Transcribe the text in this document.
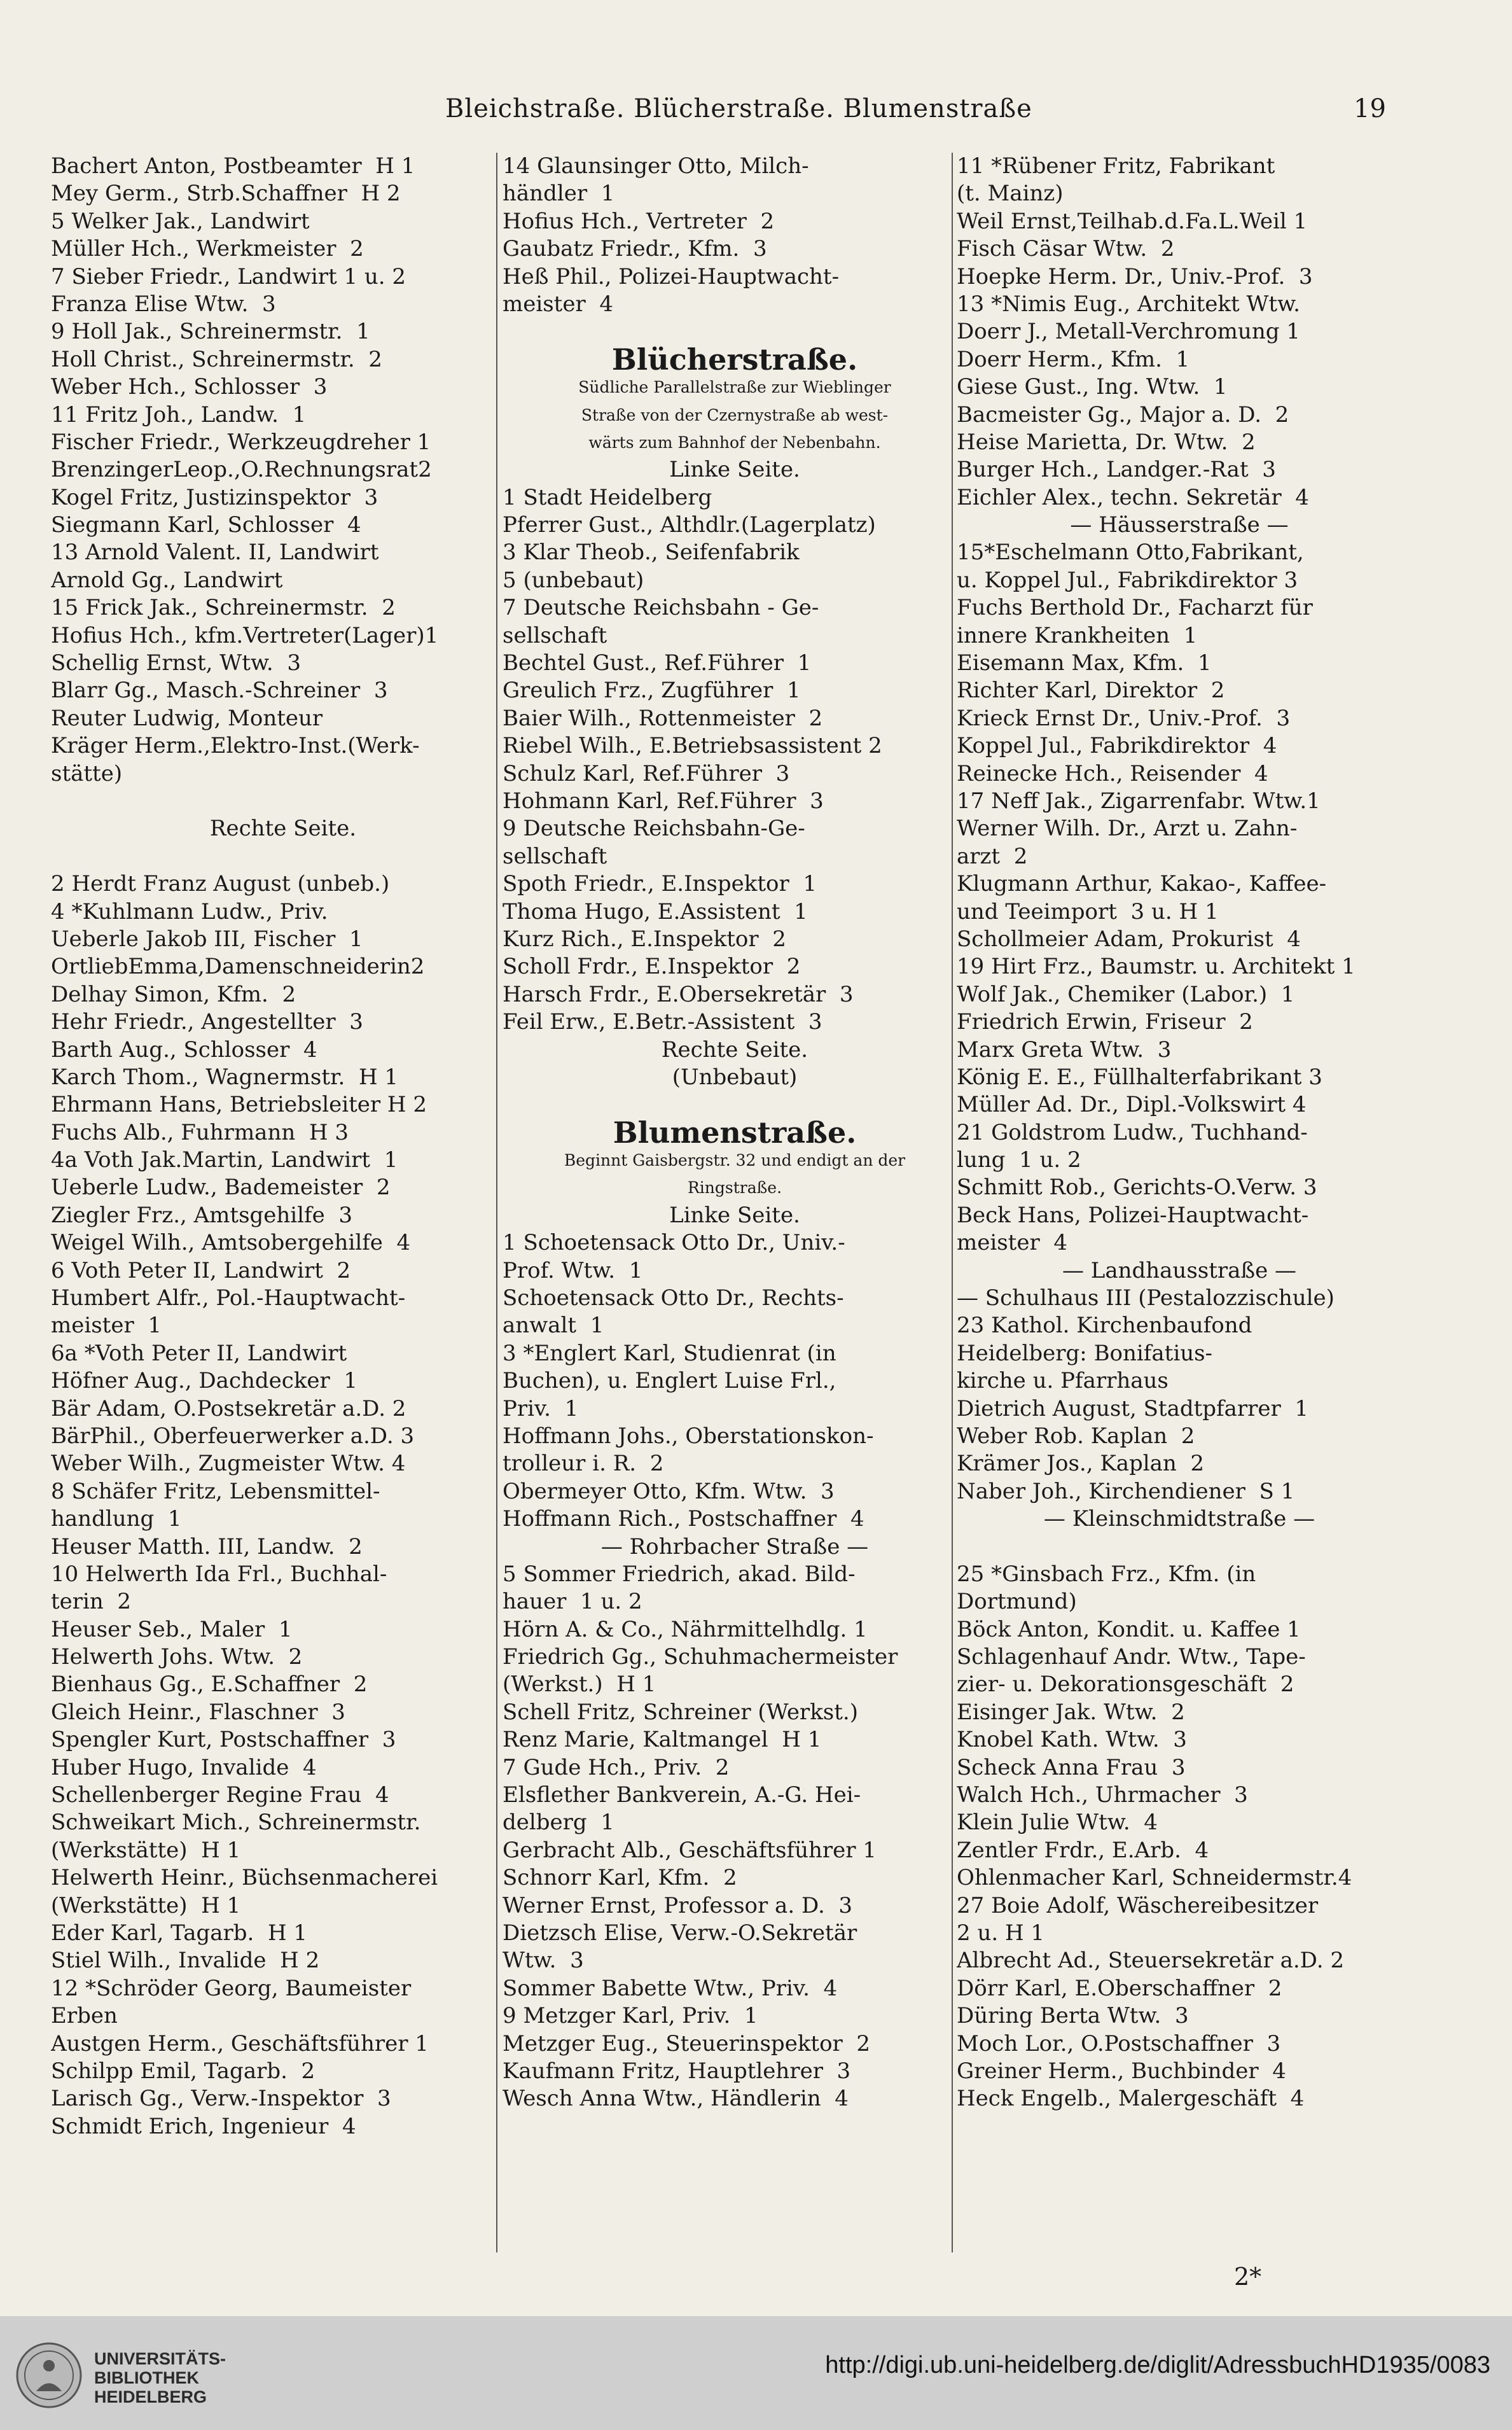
Bleichstraße. Blücherstraße. Blumenstraße	19
Bachert Anton, Postbeamter  H 1
Mey Germ., Strb.Schaffner  H 2
5 Welker Jak., Landwirt
Müller Hch., Werkmeister  2
7 Sieber Friedr., Landwirt 1 u. 2
Franza Elise Wtw.  3
9 Holl Jak., Schreinermstr.  1
Holl Christ., Schreinermstr.  2
Weber Hch., Schlosser  3
11 Fritz Joh., Landw.  1
Fischer Friedr., Werkzeugdreher 1
BrenzingerLeop.,O.Rechnungsrat2
Kogel Fritz, Justizinspektor  3
Siegmann Karl, Schlosser  4
13 Arnold Valent. II, Landwirt
Arnold Gg., Landwirt
15 Frick Jak., Schreinermstr.  2
Hofius Hch., kfm.Vertreter(Lager)1
Schellig Ernst, Wtw.  3
Blarr Gg., Masch.-Schreiner  3
Reuter Ludwig, Monteur
Kräger Herm.,Elektro-Inst.(Werk-
stätte)
Rechte Seite.
2 Herdt Franz August (unbeb.)
4 *Kuhlmann Ludw., Priv.
Ueberle Jakob III, Fischer  1
OrtliebEmma,Damenschneiderin2
Delhay Simon, Kfm.  2
Hehr Friedr., Angestellter  3
Barth Aug., Schlosser  4
Karch Thom., Wagnermstr.  H 1
Ehrmann Hans, Betriebsleiter H 2
Fuchs Alb., Fuhrmann  H 3
4a Voth Jak.Martin, Landwirt  1
Ueberle Ludw., Bademeister  2
Ziegler Frz., Amtsgehilfe  3
Weigel Wilh., Amtsobergehilfe  4
6 Voth Peter II, Landwirt  2
Humbert Alfr., Pol.-Hauptwacht-
meister  1
6a *Voth Peter II, Landwirt
Höfner Aug., Dachdecker  1
Bär Adam, O.Postsekretär a.D. 2
BärPhil., Oberfeuerwerker a.D. 3
Weber Wilh., Zugmeister Wtw. 4
8 Schäfer Fritz, Lebensmittel-
handlung  1
Heuser Matth. III, Landw.  2
10 Helwerth Ida Frl., Buchhal-
terin  2
Heuser Seb., Maler  1
Helwerth Johs. Wtw.  2
Bienhaus Gg., E.Schaffner  2
Gleich Heinr., Flaschner  3
Spengler Kurt, Postschaffner  3
Huber Hugo, Invalide  4
Schellenberger Regine Frau  4
Schweikart Mich., Schreinermstr.
(Werkstätte)  H 1
Helwerth Heinr., Büchsenmacherei
(Werkstätte)  H 1
Eder Karl, Tagarb.  H 1
Stiel Wilh., Invalide  H 2
12 *Schröder Georg, Baumeister
Erben
Austgen Herm., Geschäftsführer 1
Schilpp Emil, Tagarb.  2
Larisch Gg., Verw.-Inspektor  3
Schmidt Erich, Ingenieur  4
14 Glaunsinger Otto, Milch-
händler  1
Hofius Hch., Vertreter  2
Gaubatz Friedr., Kfm.  3
Heß Phil., Polizei-Hauptwacht-
meister  4
Blücherstraße.
Südliche Parallelstraße zur Wieblinger
Straße von der Czernystraße ab west-
wärts zum Bahnhof der Nebenbahn.
Linke Seite.
1 Stadt Heidelberg
Pferrer Gust., Althdlr.(Lagerplatz)
3 Klar Theob., Seifenfabrik
5 (unbebaut)
7 Deutsche Reichsbahn - Ge-
sellschaft
Bechtel Gust., Ref.Führer  1
Greulich Frz., Zugführer  1
Baier Wilh., Rottenmeister  2
Riebel Wilh., E.Betriebsassistent 2
Schulz Karl, Ref.Führer  3
Hohmann Karl, Ref.Führer  3
9 Deutsche Reichsbahn-Ge-
sellschaft
Spoth Friedr., E.Inspektor  1
Thoma Hugo, E.Assistent  1
Kurz Rich., E.Inspektor  2
Scholl Frdr., E.Inspektor  2
Harsch Frdr., E.Obersekretär  3
Feil Erw., E.Betr.-Assistent  3
Rechte Seite.
(Unbebaut)
Blumenstraße.
Beginnt Gaisbergstr. 32 und endigt an der
Ringstraße.
Linke Seite.
1 Schoetensack Otto Dr., Univ.-
Prof. Wtw.  1
Schoetensack Otto Dr., Rechts-
anwalt  1
3 *Englert Karl, Studienrat (in
Buchen), u. Englert Luise Frl.,
Priv.  1
Hoffmann Johs., Oberstationskon-
trolleur i. R.  2
Obermeyer Otto, Kfm. Wtw.  3
Hoffmann Rich., Postschaffner  4
— Rohrbacher Straße —
5 Sommer Friedrich, akad. Bild-
hauer  1 u. 2
Hörn A. & Co., Nährmittelhdlg. 1
Friedrich Gg., Schuhmachermeister
(Werkst.)  H 1
Schell Fritz, Schreiner (Werkst.)
Renz Marie, Kaltmangel  H 1
7 Gude Hch., Priv.  2
Elsflether Bankverein, A.-G. Hei-
delberg  1
Gerbracht Alb., Geschäftsführer 1
Schnorr Karl, Kfm.  2
Werner Ernst, Professor a. D.  3
Dietzsch Elise, Verw.-O.Sekretär
Wtw.  3
Sommer Babette Wtw., Priv.  4
9 Metzger Karl, Priv.  1
Metzger Eug., Steuerinspektor  2
Kaufmann Fritz, Hauptlehrer  3
Wesch Anna Wtw., Händlerin  4
11 *Rübener Fritz, Fabrikant
(t. Mainz)
Weil Ernst,Teilhab.d.Fa.L.Weil 1
Fisch Cäsar Wtw.  2
Hoepke Herm. Dr., Univ.-Prof.  3
13 *Nimis Eug., Architekt Wtw.
Doerr J., Metall-Verchromung 1
Doerr Herm., Kfm.  1
Giese Gust., Ing. Wtw.  1
Bacmeister Gg., Major a. D.  2
Heise Marietta, Dr. Wtw.  2
Burger Hch., Landger.-Rat  3
Eichler Alex., techn. Sekretär  4
— Häusserstraße —
15*Eschelmann Otto,Fabrikant,
u. Koppel Jul., Fabrikdirektor 3
Fuchs Berthold Dr., Facharzt für
innere Krankheiten  1
Eisemann Max, Kfm.  1
Richter Karl, Direktor  2
Krieck Ernst Dr., Univ.-Prof.  3
Koppel Jul., Fabrikdirektor  4
Reinecke Hch., Reisender  4
17 Neff Jak., Zigarrenfabr. Wtw.1
Werner Wilh. Dr., Arzt u. Zahn-
arzt  2
Klugmann Arthur, Kakao-, Kaffee-
und Teeimport  3 u. H 1
Schollmeier Adam, Prokurist  4
19 Hirt Frz., Baumstr. u. Architekt 1
Wolf Jak., Chemiker (Labor.)  1
Friedrich Erwin, Friseur  2
Marx Greta Wtw.  3
König E. E., Füllhalterfabrikant 3
Müller Ad. Dr., Dipl.-Volkswirt 4
21 Goldstrom Ludw., Tuchhand-
lung  1 u. 2
Schmitt Rob., Gerichts-O.Verw. 3
Beck Hans, Polizei-Hauptwacht-
meister  4
— Landhausstraße —
— Schulhaus III (Pestalozzischule)
23 Kathol. Kirchenbaufond
Heidelberg: Bonifatius-
kirche u. Pfarrhaus
Dietrich August, Stadtpfarrer  1
Weber Rob. Kaplan  2
Krämer Jos., Kaplan  2
Naber Joh., Kirchendiener  S 1
— Kleinschmidtstraße —
25 *Ginsbach Frz., Kfm. (in
Dortmund)
Böck Anton, Kondit. u. Kaffee 1
Schlagenhauf Andr. Wtw., Tape-
zier- u. Dekorationsgeschäft  2
Eisinger Jak. Wtw.  2
Knobel Kath. Wtw.  3
Scheck Anna Frau  3
Walch Hch., Uhrmacher  3
Klein Julie Wtw.  4
Zentler Frdr., E.Arb.  4
Ohlenmacher Karl, Schneidermstr.4
27 Boie Adolf, Wäschereibesitzer
2 u. H 1
Albrecht Ad., Steuersekretär a.D. 2
Dörr Karl, E.Oberschaffner  2
Düring Berta Wtw.  3
Moch Lor., O.Postschaffner  3
Greiner Herm., Buchbinder  4
Heck Engelb., Malergeschäft  4
2*
UNIVERSITÄTS-
BIBLIOTHEK
HEIDELBERG
http://digi.ub.uni-heidelberg.de/diglit/AdressbuchHD1935/0083
